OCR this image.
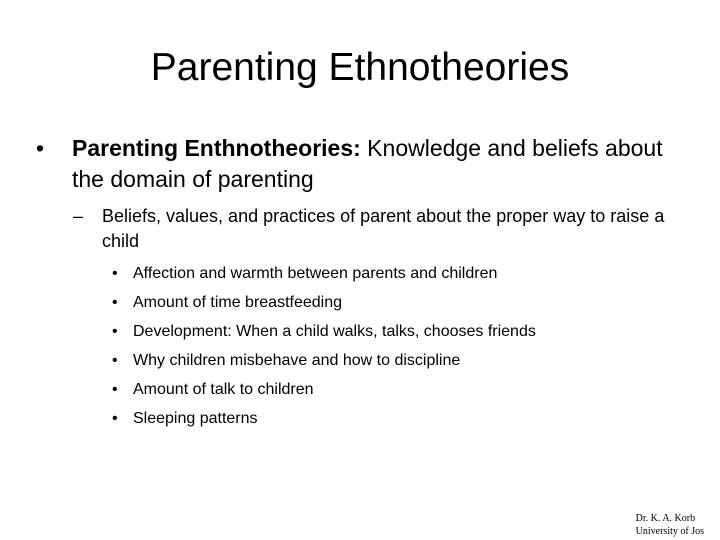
Parenting Ethnotheories
•	Parenting Enthnotheories: Knowledge and beliefs about the domain of parenting
–	Beliefs, values, and practices of parent about the proper way to raise a child
• Affection and warmth between parents and children
• Amount of time breastfeeding
• Development: When a child walks, talks, chooses friends
• Why children misbehave and how to discipline
• Amount of talk to children
• Sleeping patterns
Dr. K. A. Korb
University of Jos
